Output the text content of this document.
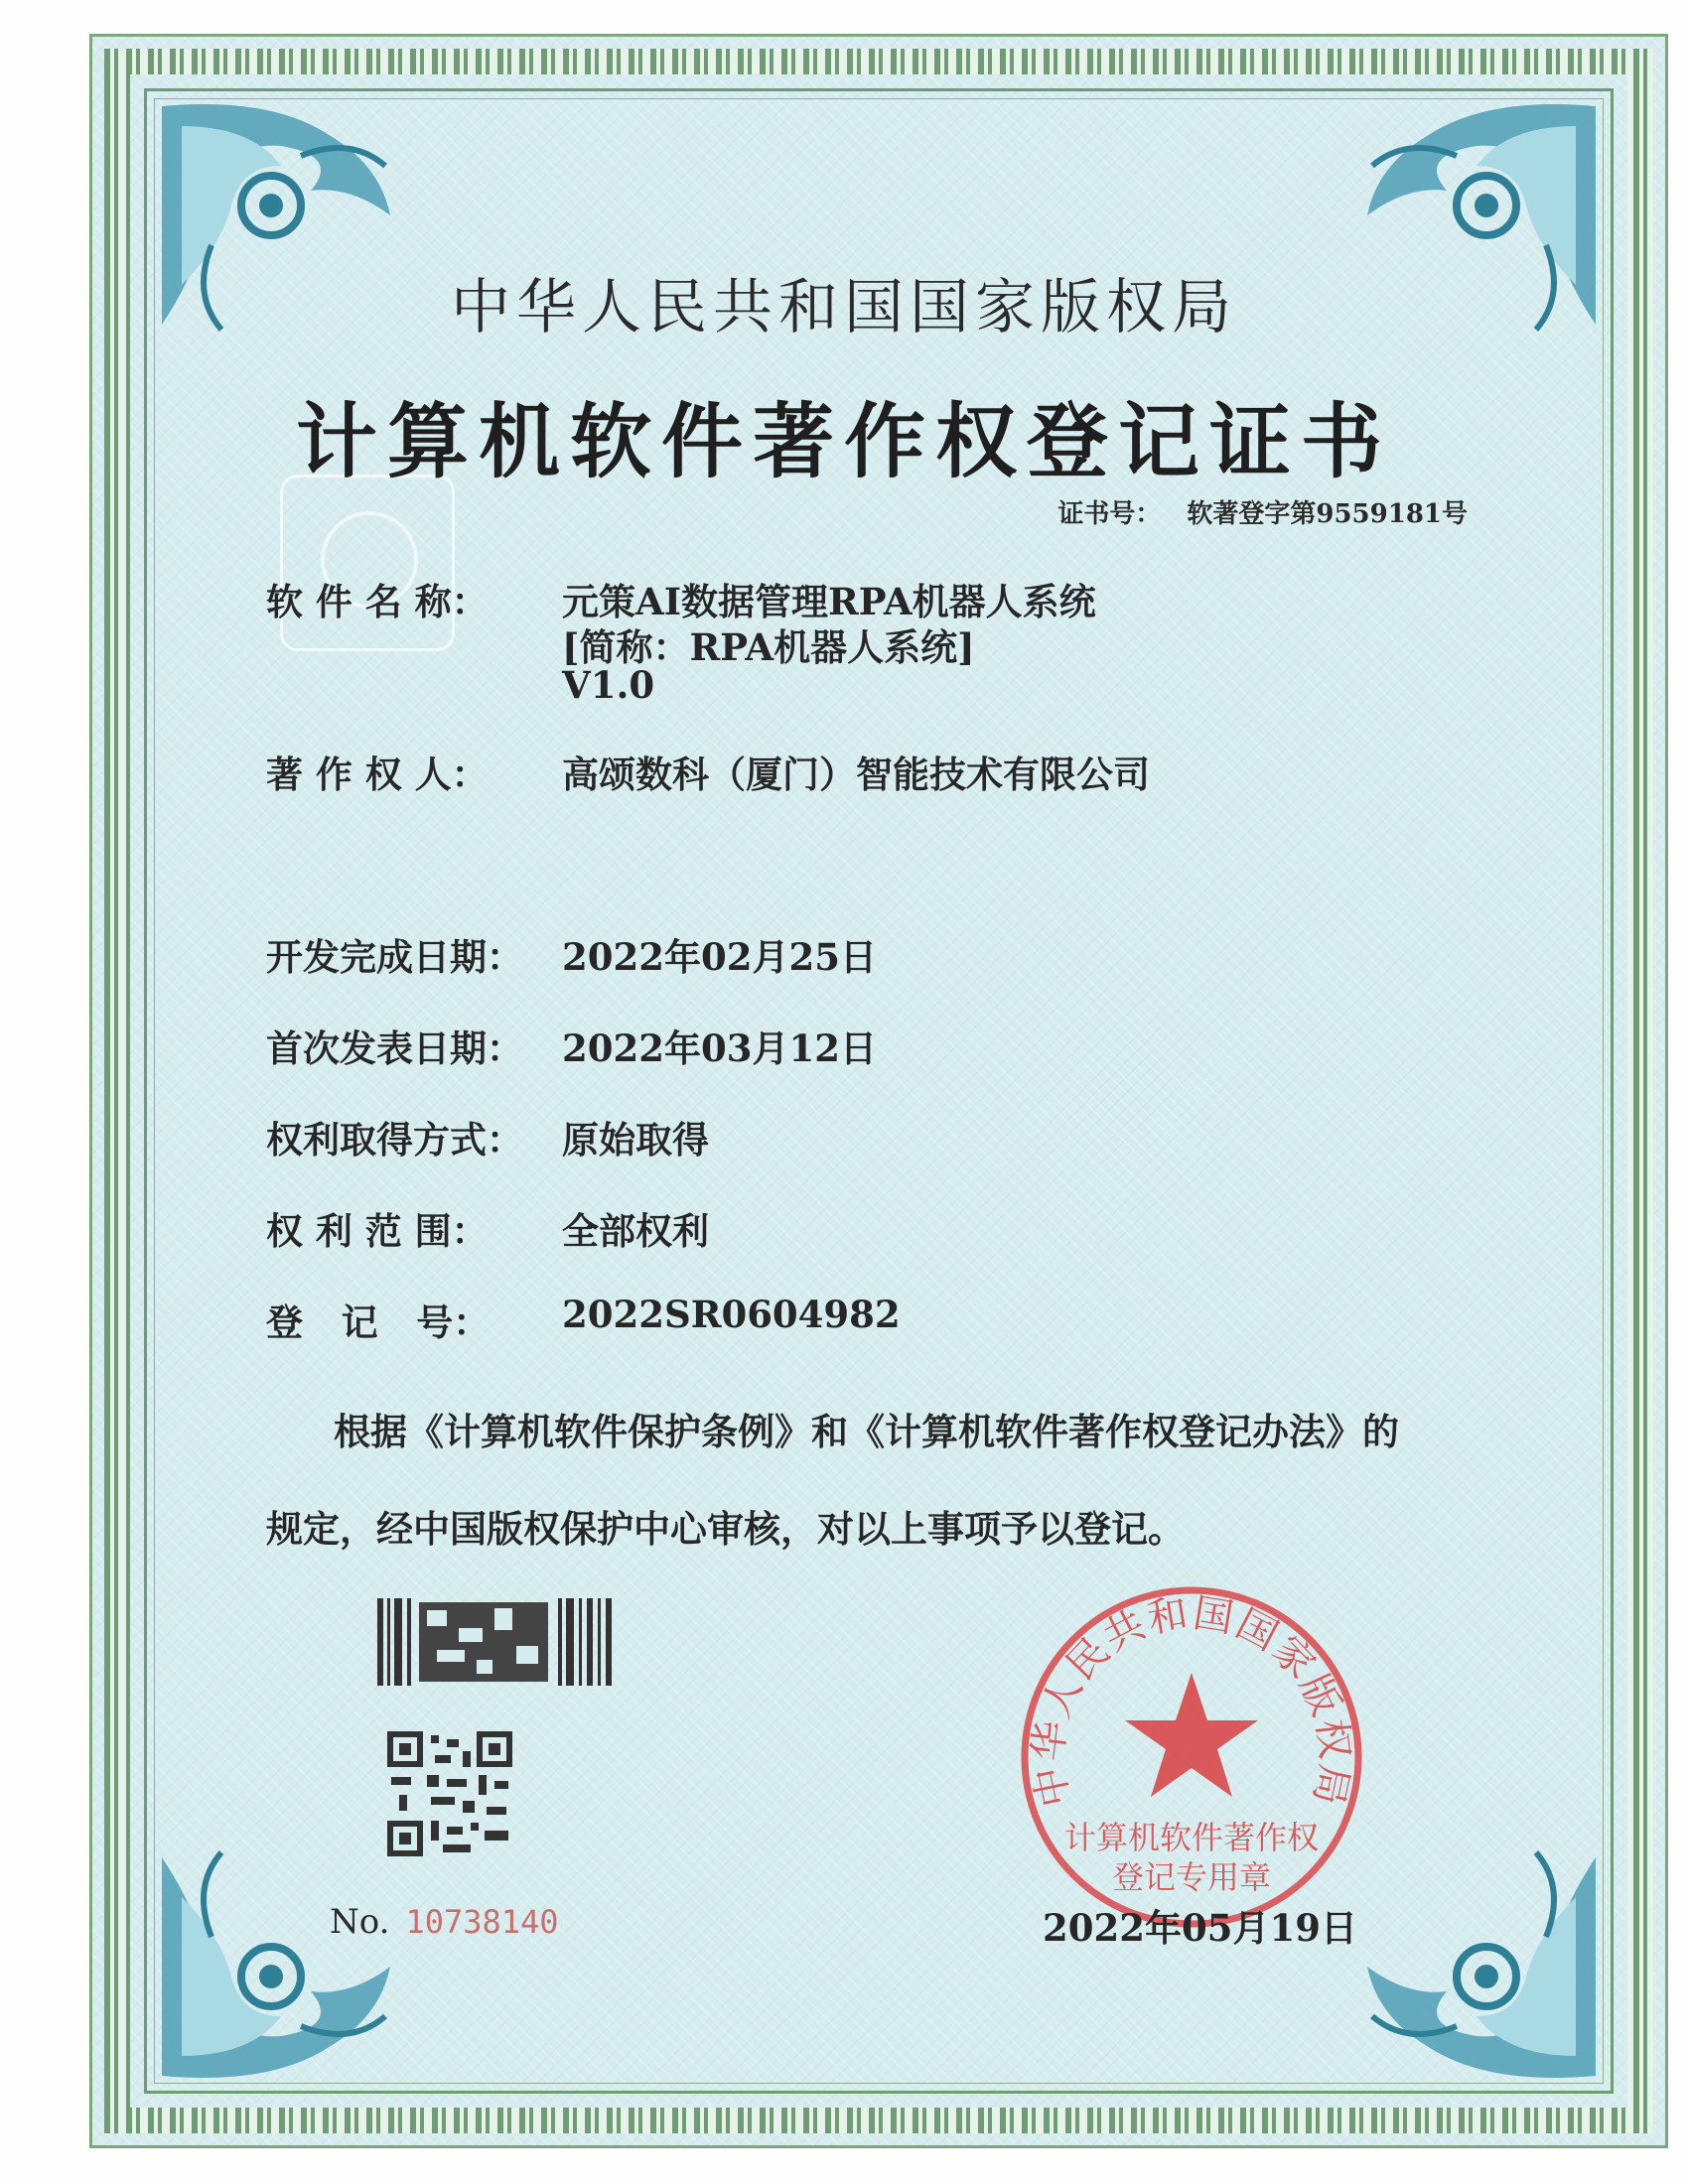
中华人民共和国国家版权局
计算机软件著作权登记证书
证书号： 软著登字第9559181号
软 件 名 称：	元策AI数据管理RPA机器人系统
[简称：RPA机器人系统]
V1.0
著 作 权 人：	高颂数科（厦门）智能技术有限公司
开发完成日期：	2022年02月25日
首次发表日期：	2022年03月12日
权利取得方式：	原始取得
权 利 范 围：	全部权利
登   记   号：	2022SR0604982
根据《计算机软件保护条例》和《计算机软件著作权登记办法》的
规定，经中国版权保护中心审核，对以上事项予以登记。
No. 10738140
中华人民共和国国家版权局
计算机软件著作权
登记专用章
2022年05月19日
